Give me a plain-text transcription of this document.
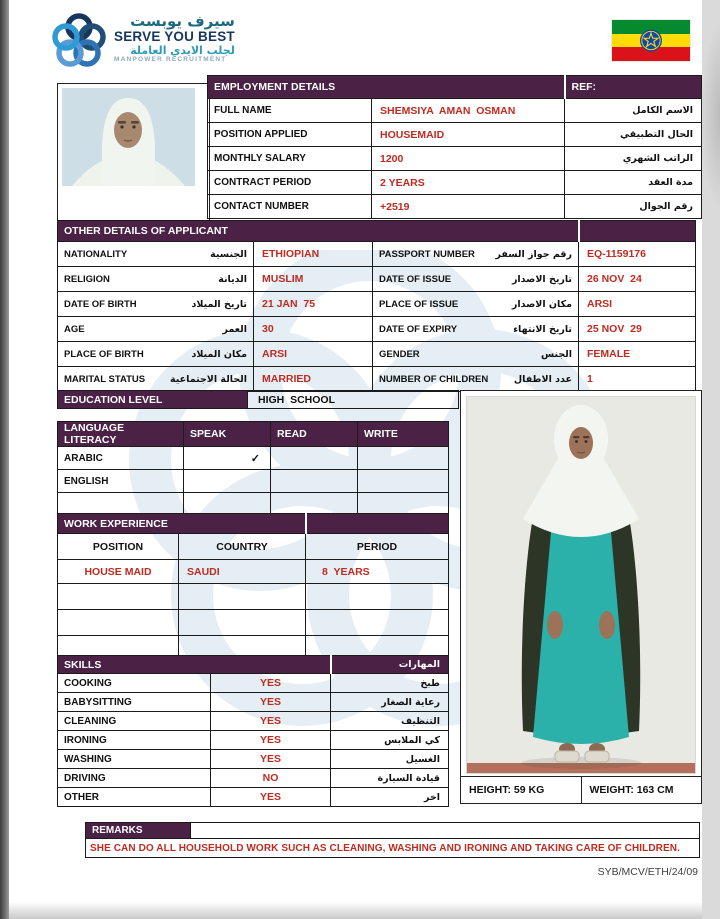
سيرف يوبست
SERVE YOU BEST
لجلب الايدي العاملة
MANPOWER RECRUITMENT
EMPLOYMENT DETAILS		REF:
FULL NAME	SHEMSIYA  AMAN  OSMAN	الاسم الكامل
POSITION APPLIED	HOUSEMAID	الحال التطبيقي
MONTHLY SALARY	1200	الراتب الشهري
CONTRACT PERIOD	2 YEARS	مدة العقد
CONTACT NUMBER	+2519	رقم الجوال
OTHER DETAILS OF APPLICANT			

NATIONALITY الجنسية	ETHIOPIAN	PASSPORT NUMBER رقم جواز السفر	EQ-1159176

RELIGION الديانة	MUSLIM	DATE OF ISSUE تاريخ الاصدار	26 NOV  24

DATE OF BIRTH تاريخ الميلاد	21 JAN  75	PLACE OF ISSUE مكان الاصدار	ARSI

AGE العمر	30	DATE OF EXPIRY تاريخ الانتهاء	25 NOV  29

PLACE OF BIRTH مكان الميلاد	ARSI	GENDER الجنس	FEMALE

MARITAL STATUS الحالة الاجتماعية	MARRIED	NUMBER OF CHILDREN عدد الاطفال	1
EDUCATION LEVEL	HIGH  SCHOOL
LANGUAGE LITERACY	SPEAK	READ	WRITE
ARABIC	✓		
ENGLISH			

WORK EXPERIENCE		
POSITION	COUNTRY	PERIOD
HOUSE MAID	SAUDI	8  YEARS

SKILLS		المهارات
COOKING	YES	طبخ
BABYSITTING	YES	رعاية الصغار
CLEANING	YES	التنظيف
IRONING	YES	كي الملابس
WASHING	YES	الغسيل
DRIVING	NO	قيادة السيارة
OTHER	YES	اخر
HEIGHT: 59 KG	WEIGHT: 163 CM
REMARKS
SHE CAN DO ALL HOUSEHOLD WORK SUCH AS CLEANING, WASHING AND IRONING AND TAKING CARE OF CHILDREN.
SYB/MCV/ETH/24/09
